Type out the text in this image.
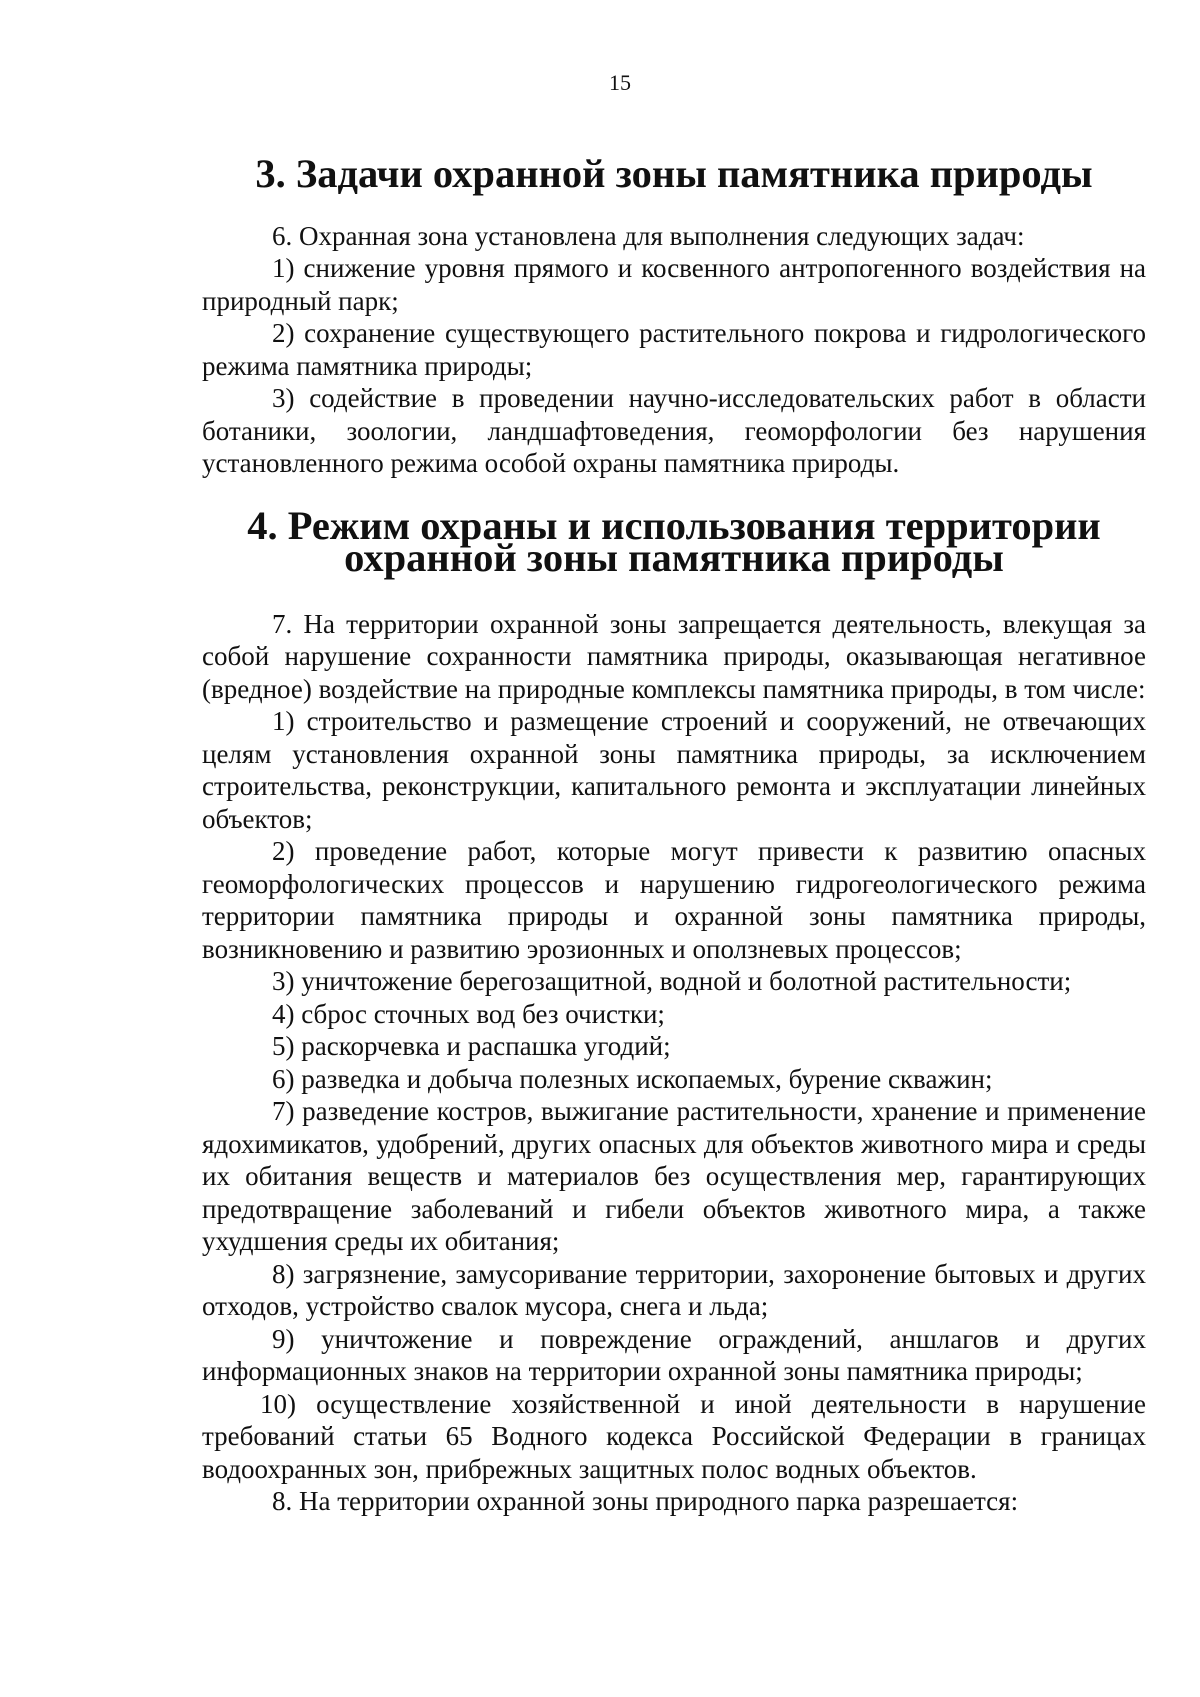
15
3. Задачи охранной зоны памятника природы

6. Охранная зона установлена для выполнения следующих задач:

1) снижение уровня прямого и косвенного антропогенного воздействия на природный парк;

2) сохранение существующего растительного покрова и гидрологического режима памятника природы;

3) содействие в проведении научно-исследовательских работ в области ботаники, зоологии, ландшафтоведения, геоморфологии без нарушения установленного режима особой охраны памятника природы.

4. Режим охраны и использования территории охранной зоны памятника природы

7. На территории охранной зоны запрещается деятельность, влекущая за собой нарушение сохранности памятника природы, оказывающая негативное (вредное) воздействие на природные комплексы памятника природы, в том числе:

1) строительство и размещение строений и сооружений, не отвечающих целям установления охранной зоны памятника природы, за исключением строительства, реконструкции, капитального ремонта и эксплуатации линейных объектов;

2) проведение работ, которые могут привести к развитию опасных геоморфологических процессов и нарушению гидрогеологического режима территории памятника природы и охранной зоны памятника природы, возникновению и развитию эрозионных и оползневых процессов;

3) уничтожение берегозащитной, водной и болотной растительности;

4) сброс сточных вод без очистки;

5) раскорчевка и распашка угодий;

6) разведка и добыча полезных ископаемых, бурение скважин;

7) разведение костров, выжигание растительности, хранение и применение ядохимикатов, удобрений, других опасных для объектов животного мира и среды их обитания веществ и материалов без осуществления мер, гарантирующих предотвращение заболеваний и гибели объектов животного мира, а также ухудшения среды их обитания;

8) загрязнение, замусоривание территории, захоронение бытовых и других отходов, устройство свалок мусора, снега и льда;

9) уничтожение и повреждение ограждений, аншлагов и других информационных знаков на территории охранной зоны памятника природы;

10) осуществление хозяйственной и иной деятельности в нарушение требований статьи 65 Водного кодекса Российской Федерации в границах водоохранных зон, прибрежных защитных полос водных объектов.

8. На территории охранной зоны природного парка разрешается:
